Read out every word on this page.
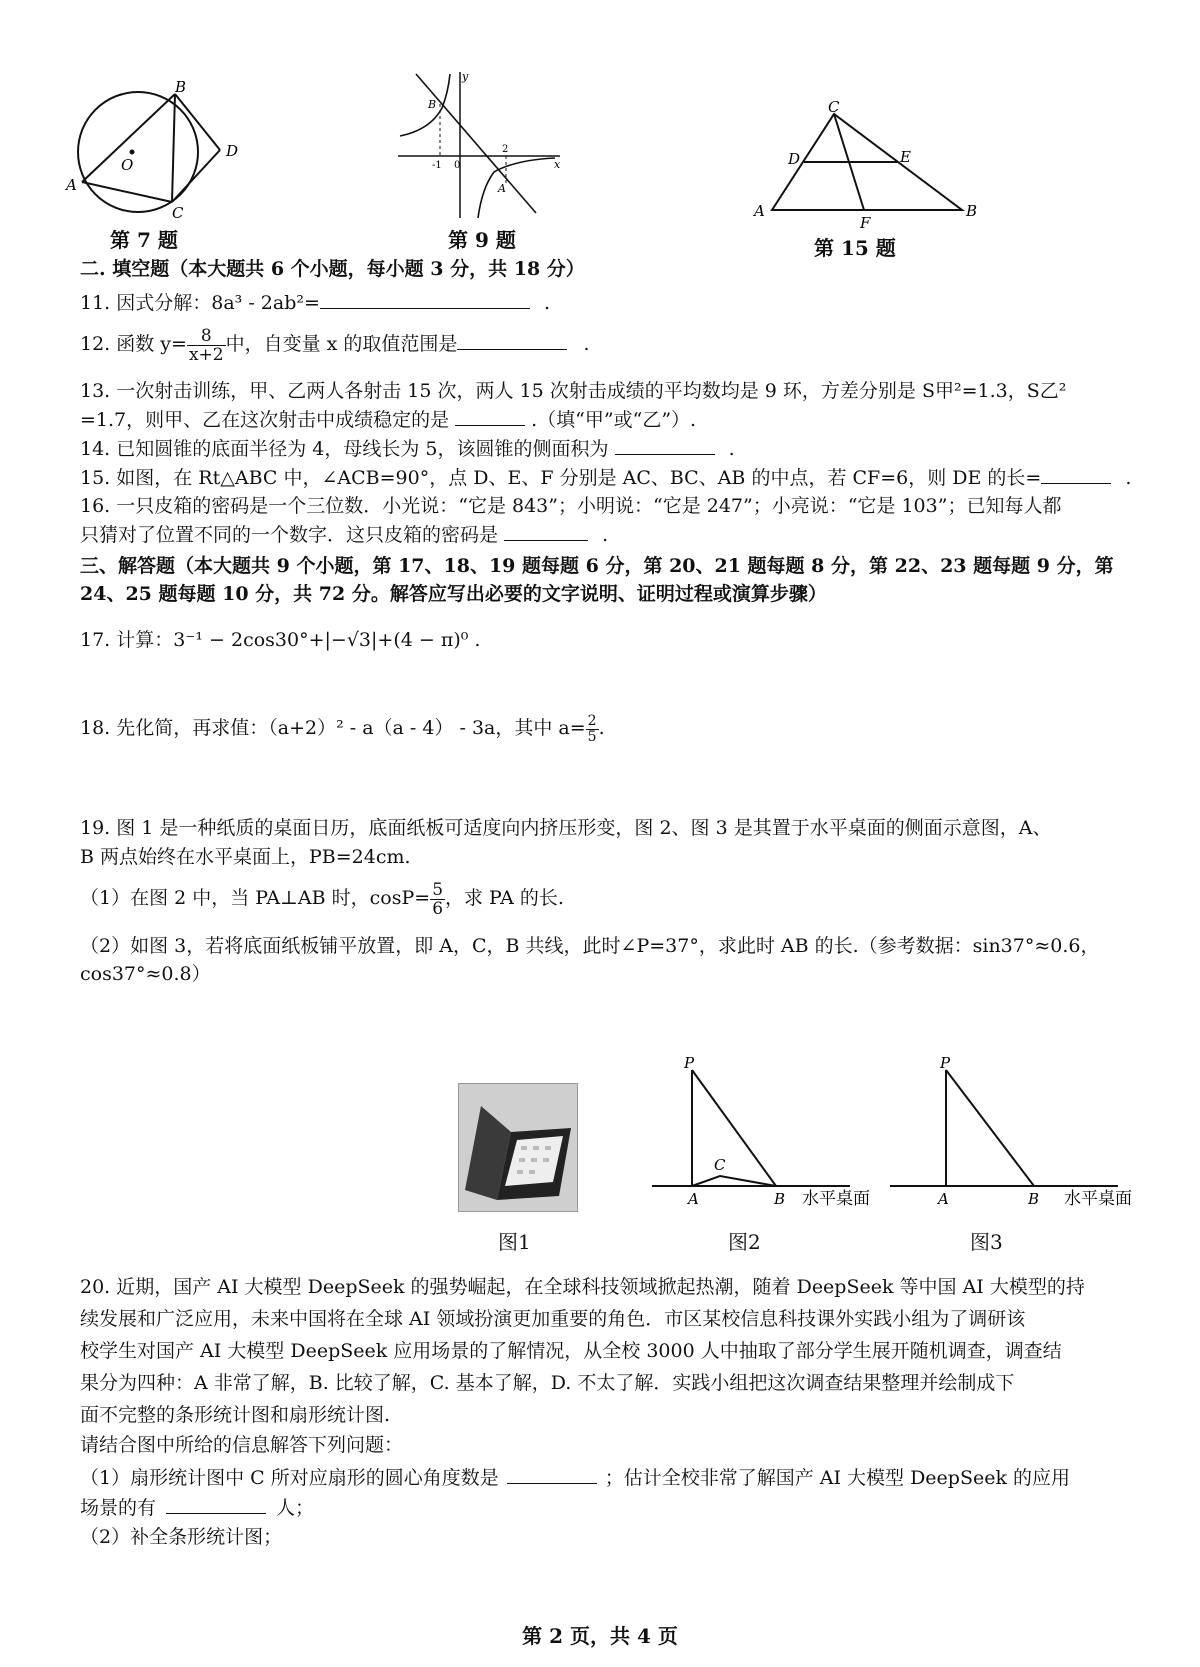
B
A
C
D
O
第 7 题
y
x
B
A
-1 0
2
第 9 题
C
D	E
A
F
B
第 15 题
二. 填空题（本大题共 6 个小题，每小题 3 分，共 18 分）
11. 因式分解：8a³ - 2ab²=	.
12. 函数 $y= \frac{8}{x+2}$ 中，自变量 x 的取值范围是	.
13. 一次射击训练，甲、乙两人各射击 15 次，两人 15 次射击成绩的平均数均是 9 环，方差分别是 S甲²=1.3，S乙²
=1.7，则甲、乙在这次射击中成绩稳定的是	.（填“甲”或“乙”）.
14. 已知圆锥的底面半径为 4，母线长为 5，该圆锥的侧面积为	.
15. 如图，在 Rt△ABC 中，∠ACB=90°，点 D、E、F 分别是 AC、BC、AB 的中点，若 CF=6，则 DE 的长=	.
16. 一只皮箱的密码是一个三位数．小光说：“它是 843”；小明说：“它是 247”；小亮说：“它是 103”；已知每人都
只猜对了位置不同的一个数字．这只皮箱的密码是	.
三、解答题（本大题共 9 个小题，第 17、18、19 题每题 6 分，第 20、21 题每题 8 分，第 22、23 题每题 9 分，第
24、25 题每题 10 分，共 72 分。解答应写出必要的文字说明、证明过程或演算步骤）
17. 计算：3⁻¹ − 2cos30°+|−√3|+(4 − π)⁰ .
18. 先化简，再求值：（a+2）² - a（a - 4） - 3a，其中 $a= \frac{2}{5}$ .
19. 图 1 是一种纸质的桌面日历，底面纸板可适度向内挤压形变，图 2、图 3 是其置于水平桌面的侧面示意图，A、
B 两点始终在水平桌面上，PB=24cm.
（1）在图 2 中，当 PA⊥AB 时，$\cos P= \frac{5}{6}$ ，求 PA 的长.
（2）如图 3，若将底面纸板铺平放置，即 A，C，B 共线，此时∠P=37°，求此时 AB 的长.（参考数据：sin37°≈0.6，
cos37°≈0.8）
图1
P
A	B
C
水平桌面
图2
P
A	B 水平桌面
图3
20. 近期，国产 AI 大模型 DeepSeek 的强势崛起，在全球科技领域掀起热潮，随着 DeepSeek 等中国 AI 大模型的持
续发展和广泛应用，未来中国将在全球 AI 领域扮演更加重要的角色．市区某校信息科技课外实践小组为了调研该
校学生对国产 AI 大模型 DeepSeek 应用场景的了解情况，从全校 3000 人中抽取了部分学生展开随机调查，调查结
果分为四种：A 非常了解，B. 比较了解，C. 基本了解，D. 不太了解．实践小组把这次调查结果整理并绘制成下
面不完整的条形统计图和扇形统计图.
请结合图中所给的信息解答下列问题：
（1）扇形统计图中 C 所对应扇形的圆心角度数是	；估计全校非常了解国产 AI 大模型 DeepSeek 的应用
场景的有	人；
（2）补全条形统计图；
第 2 页，共 4 页
